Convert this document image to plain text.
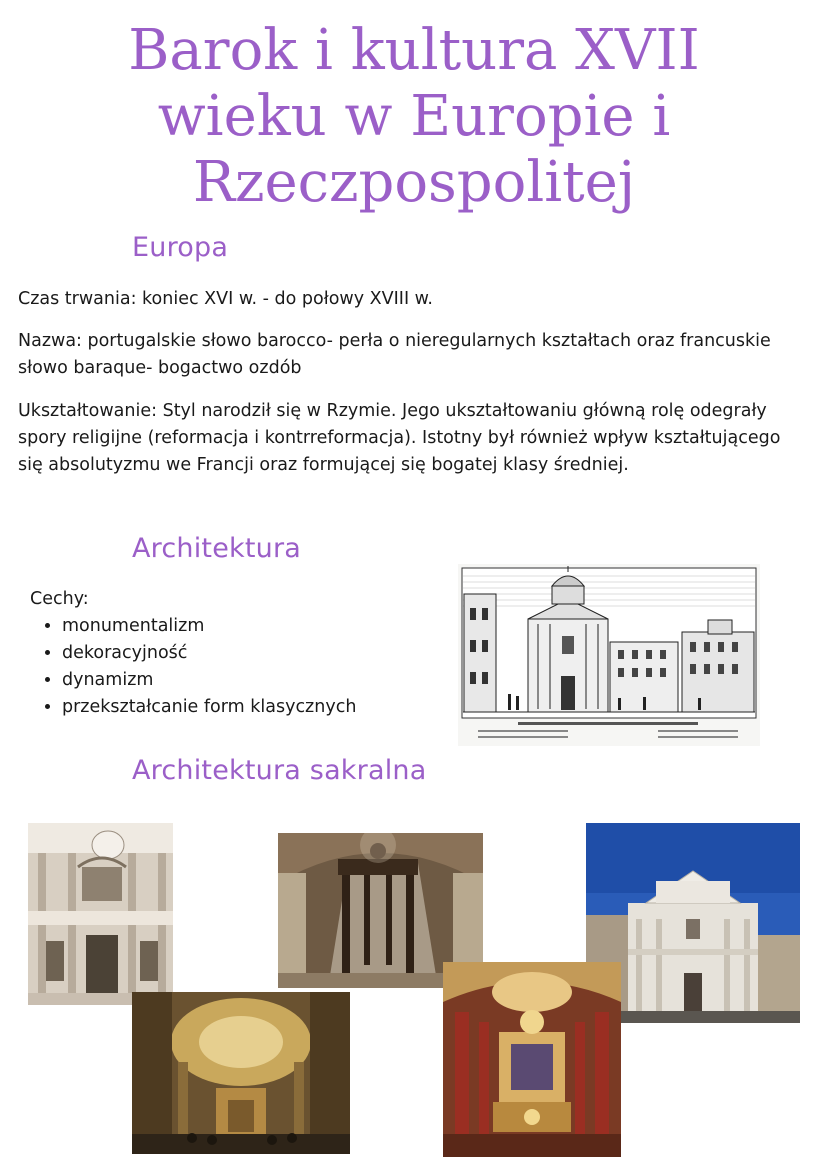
Barok i kultura XVII
wieku w Europie i
Rzeczpospolitej
Europa

Czas trwania: koniec XVI w. - do połowy XVIII w.

Nazwa: portugalskie słowo barocco- perła o nieregularnych kształtach oraz francuskie słowo baraque- bogactwo ozdób

Ukształtowanie: Styl narodził się w Rzymie. Jego ukształtowaniu główną rolę odegrały spory religijne (reformacja i kontrreformacja). Istotny był również wpływ kształtującego się absolutyzmu we Francji oraz formującej się bogatej klasy średniej.

Architektura
Cechy:
• monumentalizm
• dekoracyjność
• dynamizm
• przekształcanie form klasycznych
Architektura sakralna
